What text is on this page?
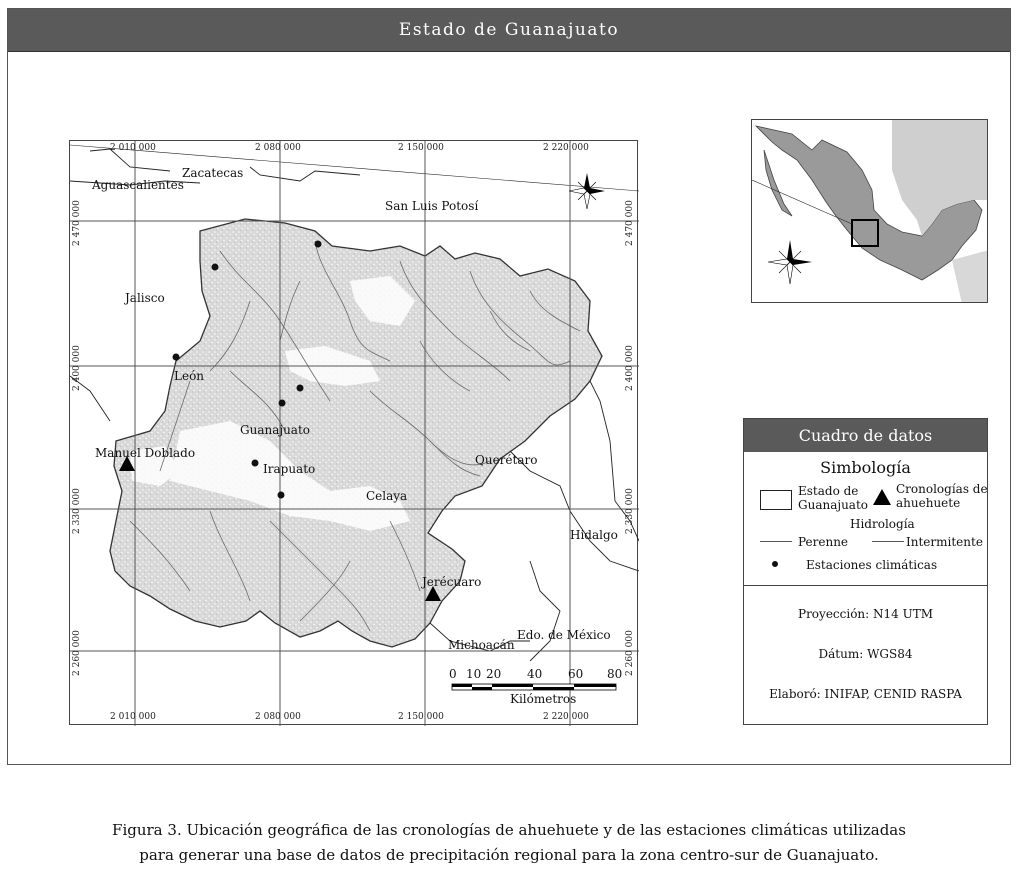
Estado de Guanajuato
2 010 000	2 080 000	2 150 000	2 220 000
2 010 000	2 080 000	2 150 000	2 220 000
2 470 000
2 400 000
2 330 000
2 260 000
2 470 000
2 400 000
2 330 000
2 260 000
Aguascalientes
Zacatecas
San Luis Potosí
Jalisco
Querétaro
Hidalgo
Michoacán
Edo. de México
León
Guanajuato
Manuel Doblado
Irapuato
Celaya
Jerécuaro
0 10 20 40 60 80
Kilómetros
Cuadro de datos
Simbología
Estado de
Guanajuato
Cronologías de
ahuehuete
Hidrología
Perenne	Intermitente
Estaciones climáticas
Proyección: N14 UTM
Dátum: WGS84
Elaboró: INIFAP, CENID RASPA
Figura 3. Ubicación geográfica de las cronologías de ahuehuete y de las estaciones climáticas utilizadas
para generar una base de datos de precipitación regional para la zona centro-sur de Guanajuato.
